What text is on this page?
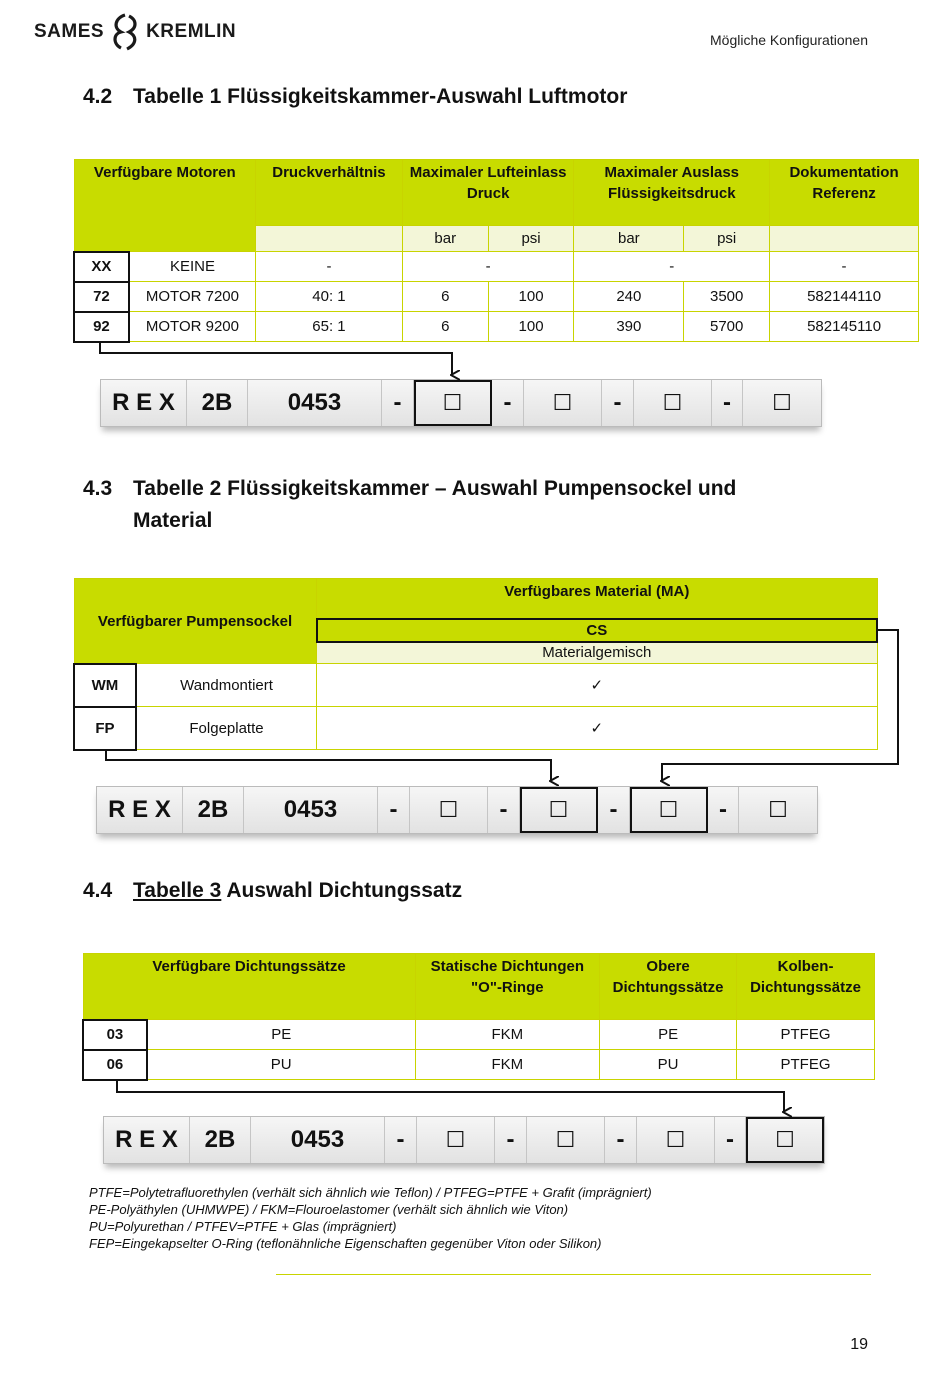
SAMES KREMLIN	Mögliche Konfigurationen
4.2 Tabelle 1 Flüssigkeitskammer-Auswahl Luftmotor
Verfügbare Motoren		Druckverhältnis	Maximaler Lufteinlass Druck		Maximaler Auslass Flüssigkeitsdruck		Dokumentation Referenz
			bar	psi	bar	psi	
XX	KEINE	-	-		-		-
72	MOTOR 7200	40: 1	6	100	240	3500	582144110
92	MOTOR 9200	65: 1	6	100	390	5700	582145110
R E X	2B	0453	-	☐	-	☐	-	☐	-	☐
4.3 Tabelle 2 Flüssigkeitskammer – Auswahl Pumpensockel und
Material
Verfügbarer Pumpensockel		Verfügbares Material (MA)
		CS
		Materialgemisch
WM	Wandmontiert	✓
FP	Folgeplatte	✓
R E X	2B	0453	-	☐	-	☐	-	☐	-	☐
4.4 Tabelle 3 Auswahl Dichtungssatz
Verfügbare Dichtungssätze		Statische Dichtungen "O"-Ringe	Obere Dichtungssätze	Kolben-Dichtungssätze
03	PE	FKM	PE	PTFEG
06	PU	FKM	PU	PTFEG
R E X	2B	0453	-	☐	-	☐	-	☐	-	☐
PTFE=Polytetrafluorethylen (verhält sich ähnlich wie Teflon) / PTFEG=PTFE + Grafit (imprägniert)
PE-Polyäthylen (UHMWPE) / FKM=Flouroelastomer (verhält sich ähnlich wie Viton)
PU=Polyurethan / PTFEV=PTFE + Glas (imprägniert)
FEP=Eingekapselter O-Ring (teflonähnliche Eigenschaften gegenüber Viton oder Silikon)
19
